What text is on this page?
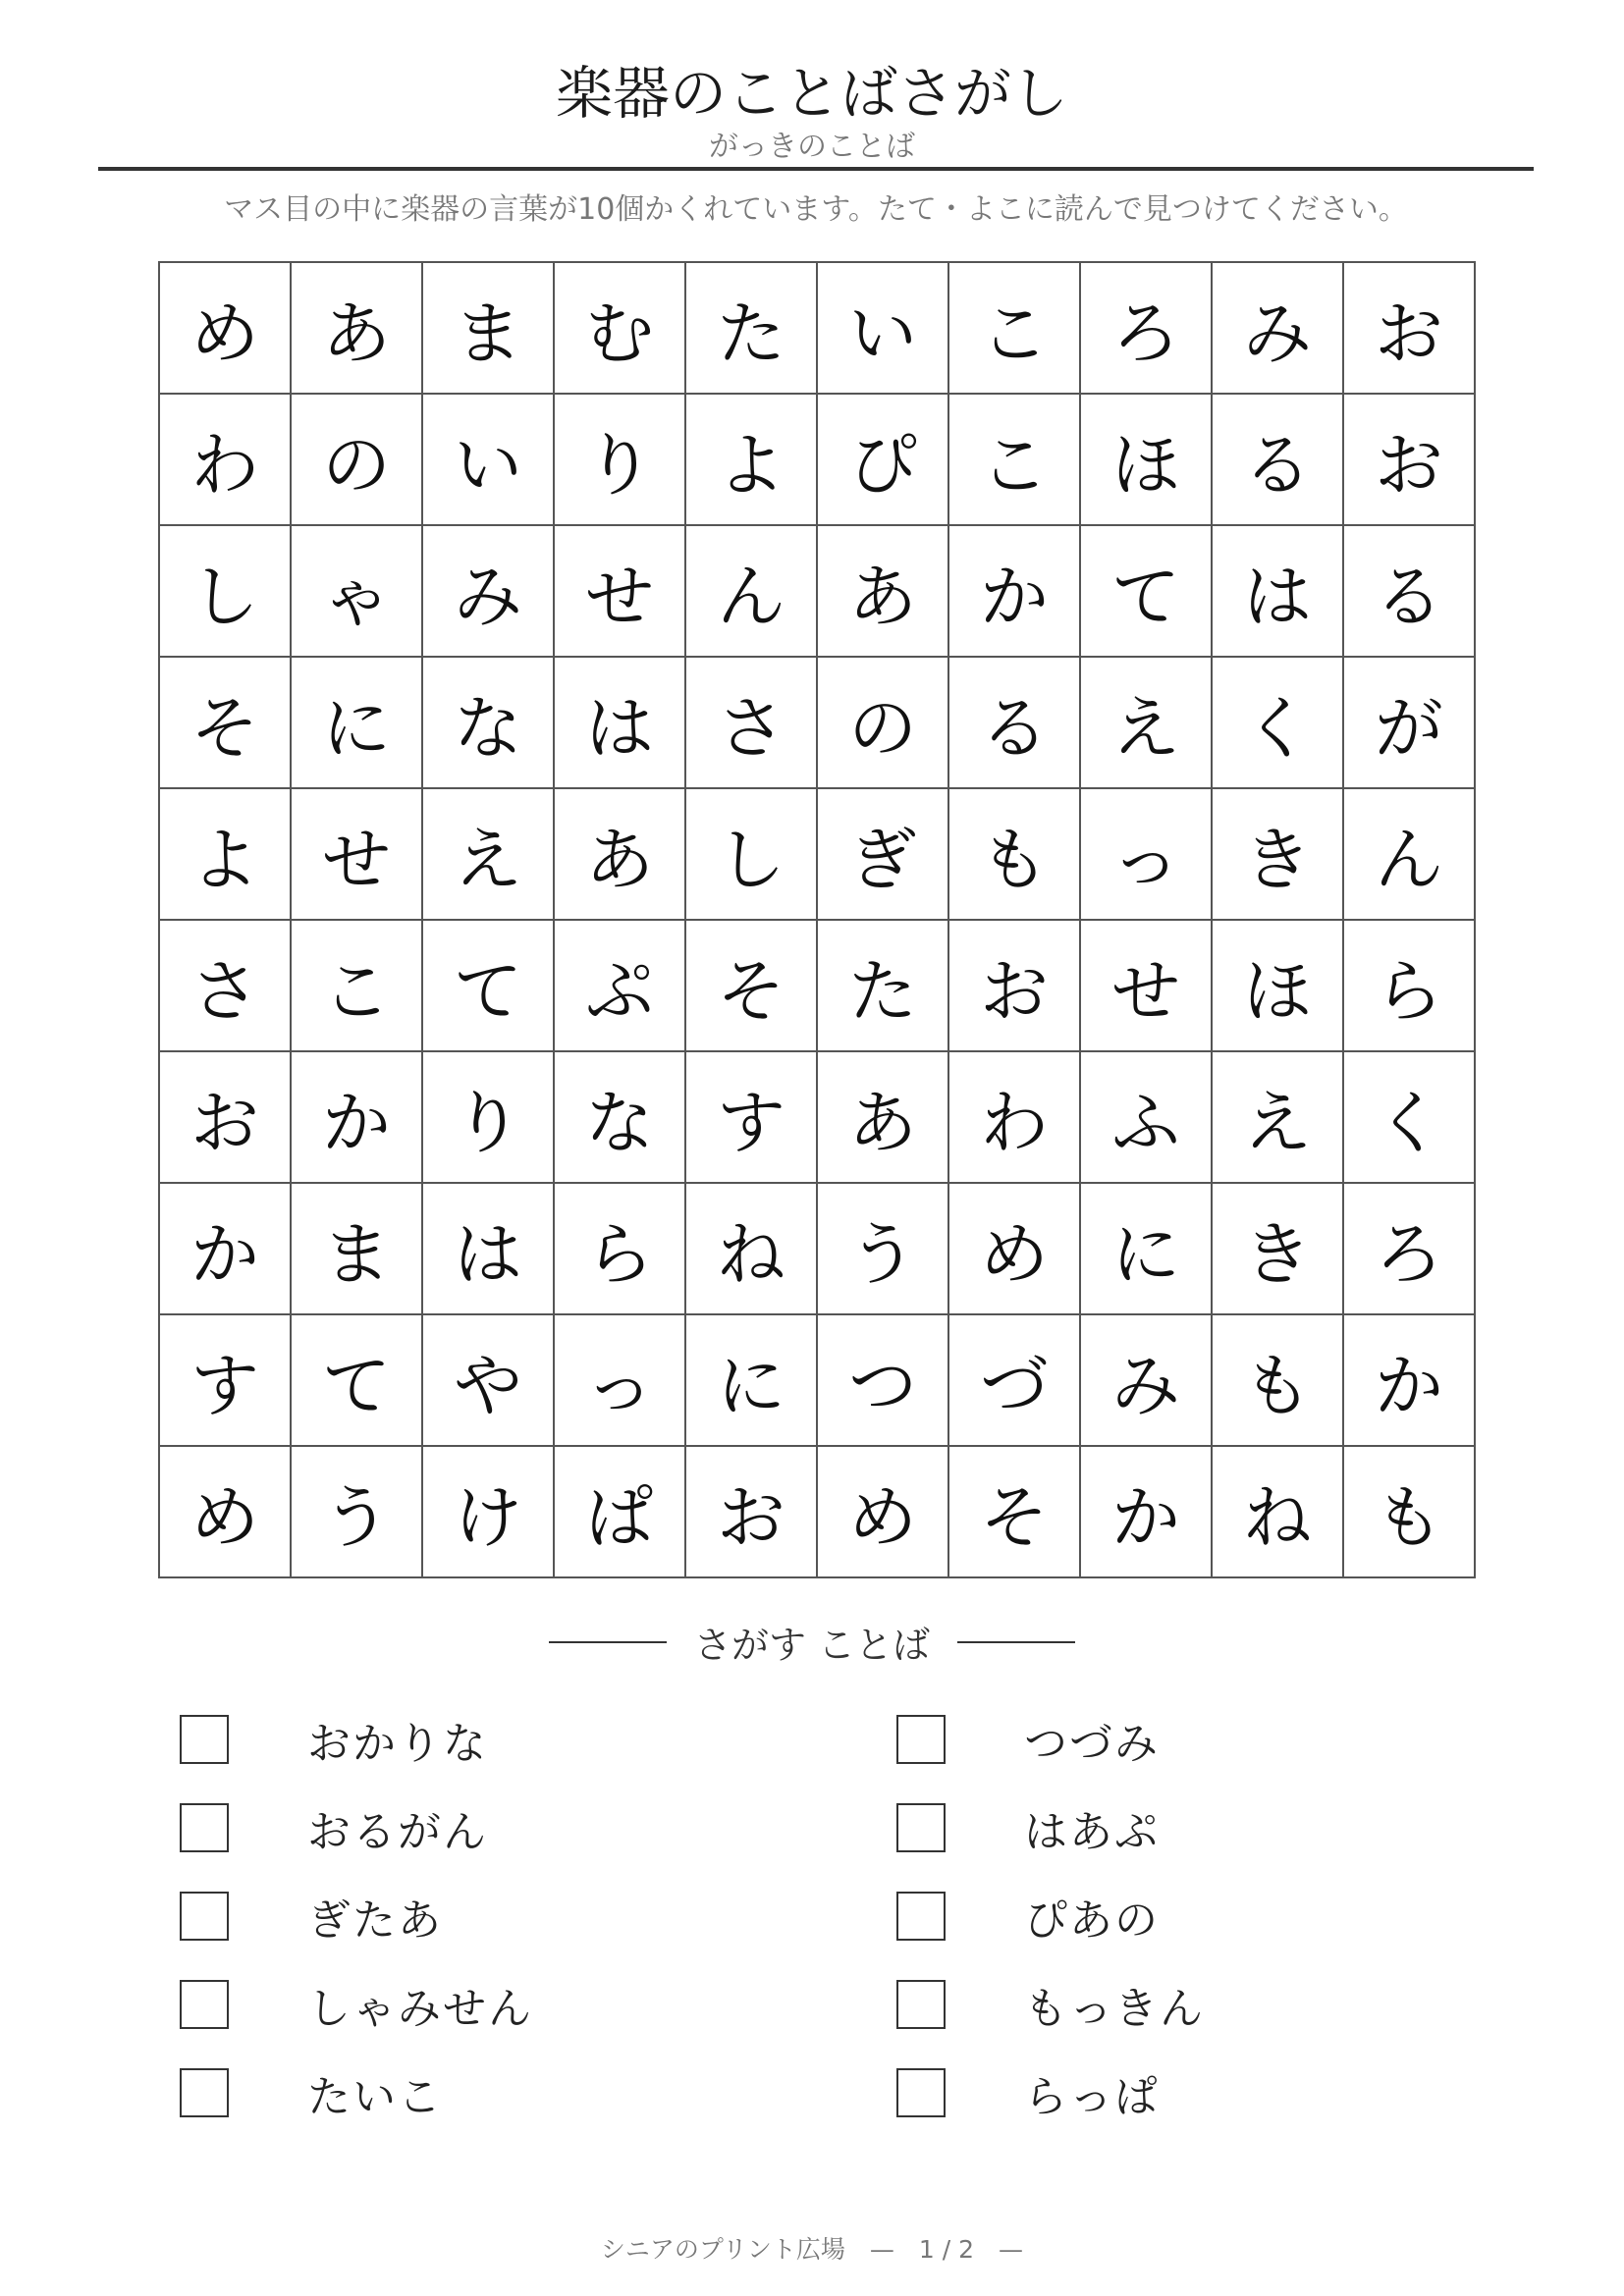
楽器のことばさがし
がっきのことば
マス目の中に楽器の言葉が10個かくれています。たて・よこに読んで見つけてください。
め あ ま む た い こ ろ み お
わ の い り よ ぴ こ ほ る お
し ゃ み せ ん あ か て は る
そ に な は さ の る え く が
よ せ え あ し ぎ も っ き ん
さ こ て ぷ そ た お せ ほ ら
お か り な す あ わ ふ え く
か ま は ら ね う め に き ろ
す て や っ に つ づ み も か
め う け ぱ お め そ か ね も
さがす ことば
おかりな
おるがん
ぎたあ
しゃみせん
たいこ
つづみ
はあぷ
ぴあの
もっきん
らっぱ
シニアのプリント広場　—　1 / 2　—
